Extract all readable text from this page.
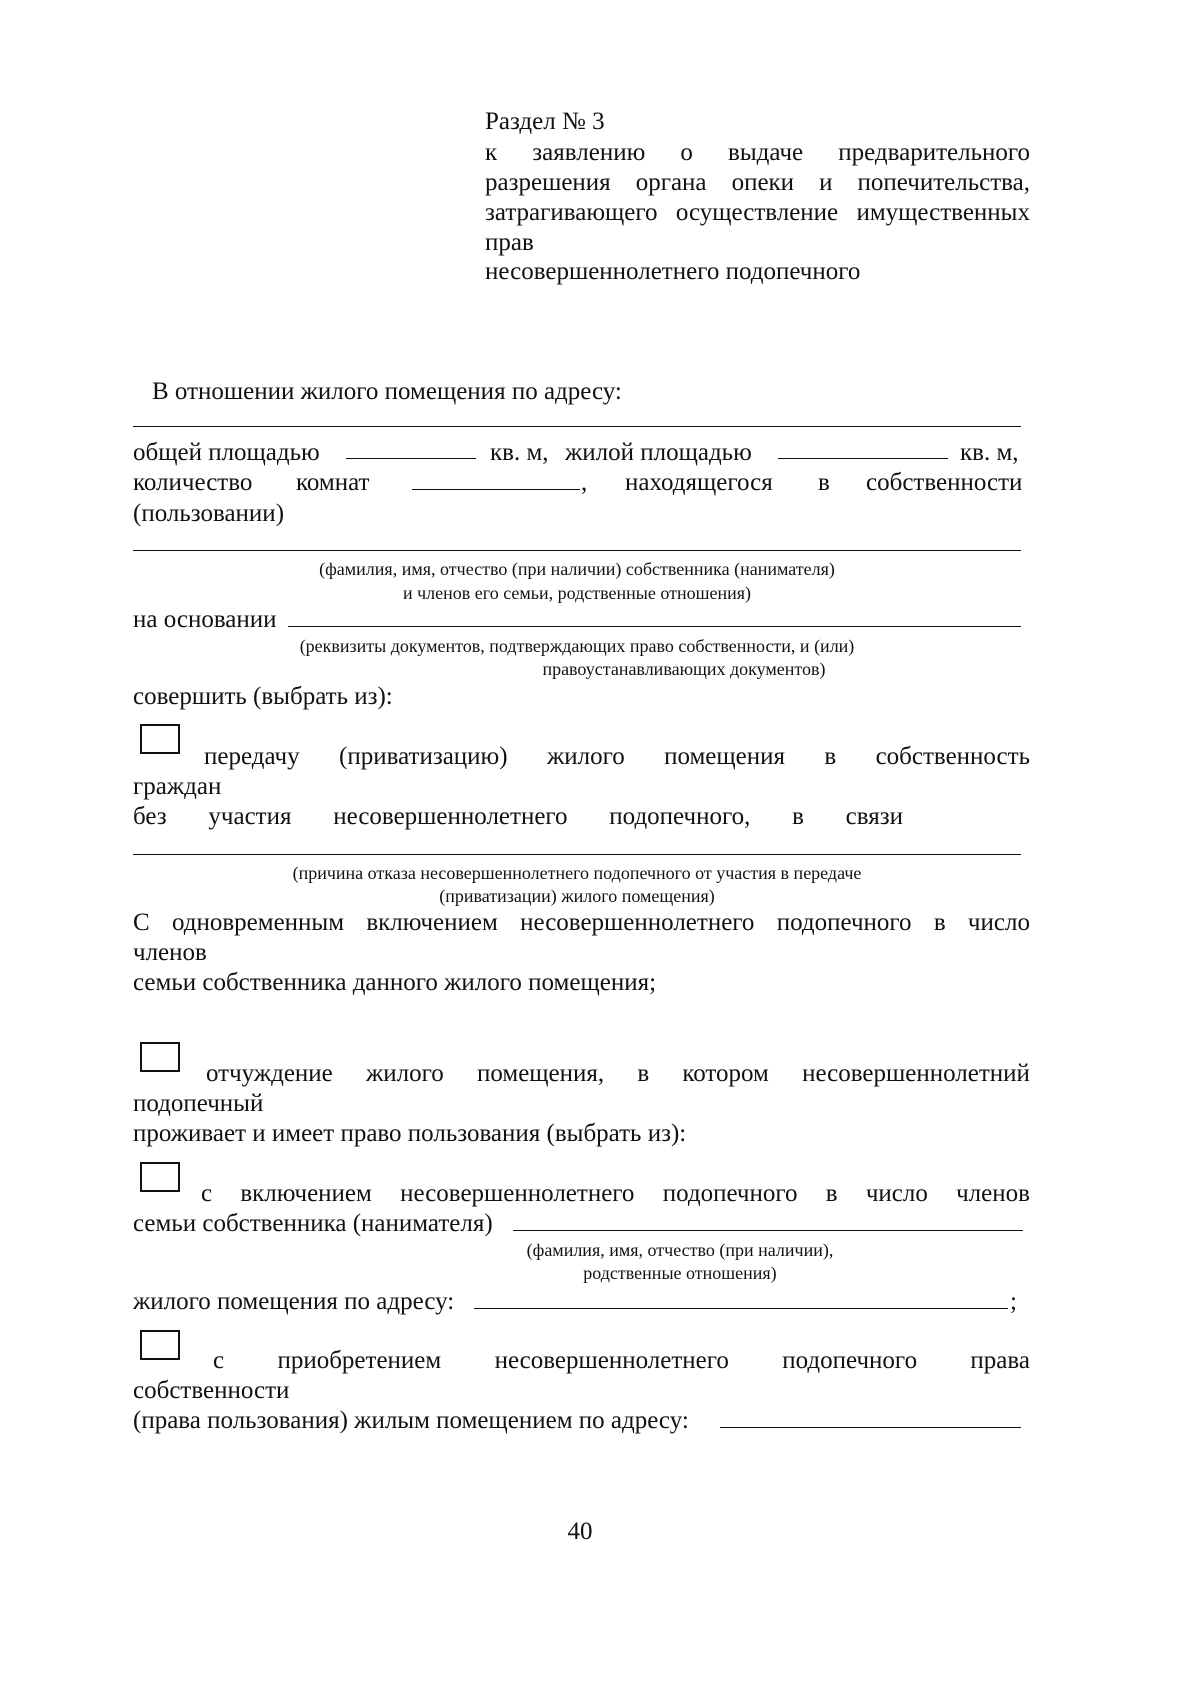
Раздел № 3
к заявлению о выдаче предварительного
разрешения органа опеки и попечительства,
затрагивающего осуществление имущественных
прав
несовершеннолетнего подопечного
В отношении жилого помещения по адресу:
общей площадью	кв. м, жилой площадью	кв. м,
количество комнат	, находящегося в собственности
(пользовании)
(фамилия, имя, отчество (при наличии) собственника (нанимателя)
и членов его семьи, родственные отношения)
на основании
(реквизиты документов, подтверждающих право собственности, и (или)
правоустанавливающих документов)
совершить (выбрать из):
передачу (приватизацию) жилого помещения в собственность
граждан
без участия несовершеннолетнего подопечного, в связи
(причина отказа несовершеннолетнего подопечного от участия в передаче
(приватизации) жилого помещения)
С одновременным включением несовершеннолетнего подопечного в число
членов
семьи собственника данного жилого помещения;
отчуждение жилого помещения, в котором несовершеннолетний
подопечный
проживает и имеет право пользования (выбрать из):
с включением несовершеннолетнего подопечного в число членов
семьи собственника (нанимателя)
(фамилия, имя, отчество (при наличии),
родственные отношения)
жилого помещения по адресу:	;
с приобретением несовершеннолетнего подопечного права
собственности
(права пользования) жилым помещением по адресу:
40
